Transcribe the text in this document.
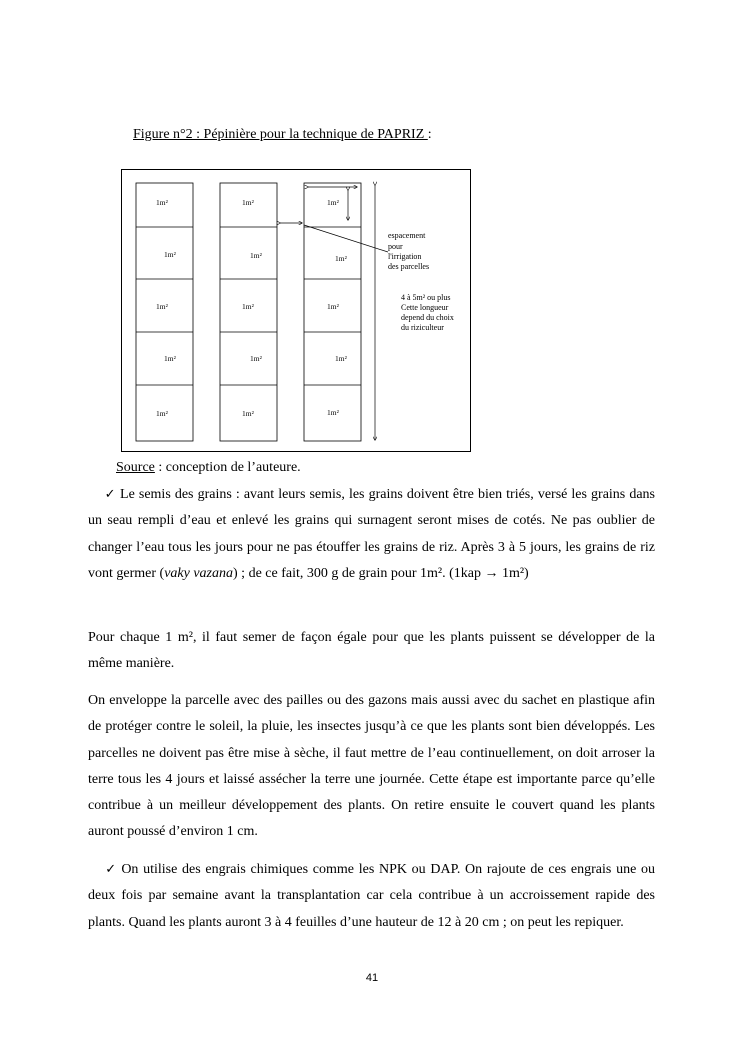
Figure n°2 : Pépinière pour la technique de PAPRIZ :
1m²
1m²
1m²
1m²
1m²
1m²
1m²
1m²
1m²
1m²
1m²
1m²
1m²
1m²
1m²
espacement pour l'irrigation des parcelles
4 à 5m² ou plus Cette longueur depend du choix du riziculteur
Source : conception de l’auteure.
✓ Le semis des grains : avant leurs semis, les grains doivent être bien triés, versé les grains dans un seau rempli d’eau et enlevé les grains qui surnagent seront mises de cotés. Ne pas oublier de changer l’eau tous les jours pour ne pas étouffer les grains de riz. Après 3 à 5 jours, les grains de riz vont germer (vaky vazana) ; de ce fait, 300 g de grain pour 1m². (1kap → 1m²)
Pour chaque 1 m², il faut semer de façon égale pour que les plants puissent se développer de la même manière.
On enveloppe la parcelle avec des pailles ou des gazons mais aussi avec du sachet en plastique afin de protéger contre le soleil, la pluie, les insectes jusqu’à ce que les plants sont bien développés. Les parcelles ne doivent pas être mise à sèche, il faut mettre de l’eau continuellement, on doit arroser la terre tous les 4 jours et laissé assécher la terre une journée. Cette étape est importante parce qu’elle contribue à un meilleur développement des plants. On retire ensuite le couvert quand les plants auront poussé d’environ 1 cm.
✓ On utilise des engrais chimiques comme les NPK ou DAP. On rajoute de ces engrais une ou deux fois par semaine avant la transplantation car cela contribue à un accroissement rapide des plants. Quand les plants auront 3 à 4 feuilles d’une hauteur de 12 à 20 cm ; on peut les repiquer.
41
